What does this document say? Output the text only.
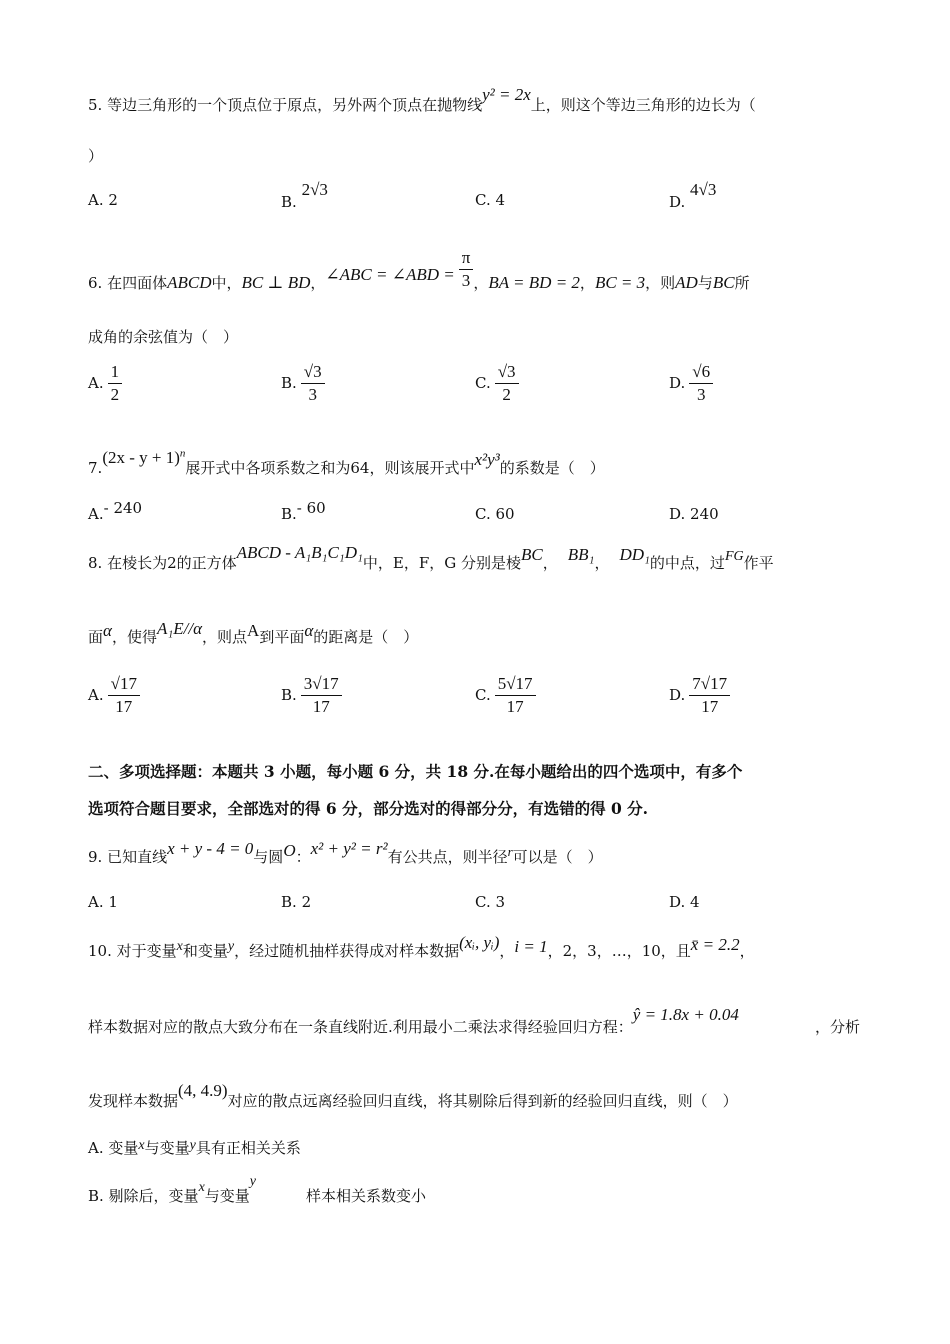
5. 等边三角形的一个顶点位于原点，另外两个顶点在抛物线y² = 2x上，则这个等边三角形的边长为（
）
A. 2	B. 2√3
C. 4	D. 4√3
6. 在四面体ABCD中，BC ⊥ BD，∠ABC = ∠ABD = $\frac{\pi}{3}$ ，BA = BD = 2，BC = 3，则AD与BC所
成角的余弦值为（　）
A. $\frac{1}{2}$	B. $\frac{√3}{3}$	C. $\frac{√3}{2}$	D. $\frac{√6}{3}$
$7.(2x - y + 1)^n$展开式中各项系数之和为64，则该展开式中x²y³的系数是（　）
A.- 240	B.- 60	C. 60	D. 240
8. 在棱长为2的正方体ABCD - A₁B₁C₁D₁中，E，F，G 分别是棱BC， BB₁， DD₁的中点，过FG作平
面α，使得A₁E//α，则点A到平面α的距离是（　）
A. $\frac{√17}{17}$	B. $\frac{3√17}{17}$	C. $\frac{5√17}{17}$	D. $\frac{7√17}{17}$
二、多项选择题：本题共 3 小题，每小题 6 分，共 18 分.在每小题给出的四个选项中，有多个
选项符合题目要求，全部选对的得 6 分，部分选对的得部分分，有选错的得 0 分.
9. 已知直线x + y - 4 = 0与圆O：x² + y² = r²有公共点，则半径r可以是（　）
A. 1	B. 2	C. 3	D. 4
10. 对于变量x和变量y，经过随机抽样获得成对样本数据(xᵢ, yᵢ)，i = 1，2，3，…，10，且x̄ = 2.2，
样本数据对应的散点大致分布在一条直线附近.利用最小二乘法求得经验回归方程：ŷ = 1.8x + 0.04
，分析
发现样本数据(4, 4.9)对应的散点远离经验回归直线，将其剔除后得到新的经验回归直线，则（　）
A. 变量x与变量y具有正相关关系
B. 剔除后，变量x与变量y样本相关系数变小
